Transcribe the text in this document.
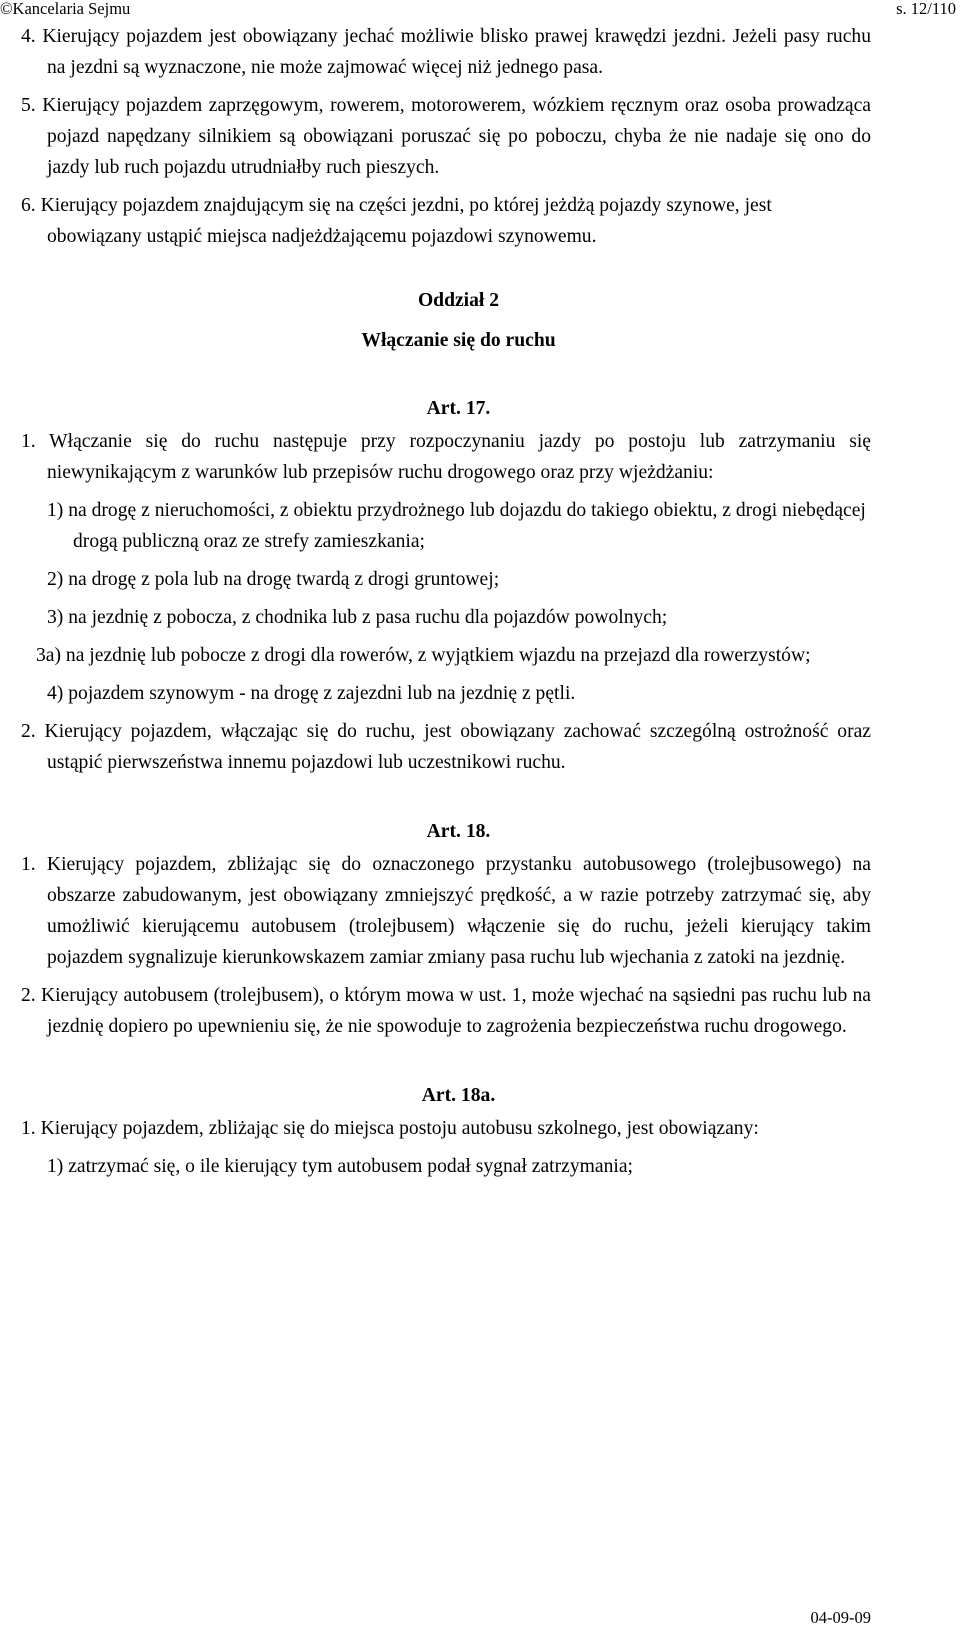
©Kancelaria Sejmu	s. 12/110

4. Kierujący pojazdem jest obowiązany jechać możliwie blisko prawej krawędzi jezdni. Jeżeli pasy ruchu na jezdni są wyznaczone, nie może zajmować więcej niż jednego pasa.

5. Kierujący pojazdem zaprzęgowym, rowerem, motorowerem, wózkiem ręcznym oraz osoba prowadząca pojazd napędzany silnikiem są obowiązani poruszać się po poboczu, chyba że nie nadaje się ono do jazdy lub ruch pojazdu utrudniałby ruch pieszych.

6. Kierujący pojazdem znajdującym się na części jezdni, po której jeżdżą pojazdy szynowe, jest obowiązany ustąpić miejsca nadjeżdżającemu pojazdowi szynowemu.

Oddział 2
Włączanie się do ruchu
Art. 17.

1. Włączanie się do ruchu następuje przy rozpoczynaniu jazdy po postoju lub zatrzymaniu się niewynikającym z warunków lub przepisów ruchu drogowego oraz przy wjeżdżaniu:

1) na drogę z nieruchomości, z obiektu przydrożnego lub dojazdu do takiego obiektu, z drogi niebędącej drogą publiczną oraz ze strefy zamieszkania;

2) na drogę z pola lub na drogę twardą z drogi gruntowej;

3) na jezdnię z pobocza, z chodnika lub z pasa ruchu dla pojazdów powolnych;

3a) na jezdnię lub pobocze z drogi dla rowerów, z wyjątkiem wjazdu na przejazd dla rowerzystów;

4) pojazdem szynowym - na drogę z zajezdni lub na jezdnię z pętli.

2. Kierujący pojazdem, włączając się do ruchu, jest obowiązany zachować szczególną ostrożność oraz ustąpić pierwszeństwa innemu pojazdowi lub uczestnikowi ruchu.

Art. 18.

1. Kierujący pojazdem, zbliżając się do oznaczonego przystanku autobusowego (trolejbusowego) na obszarze zabudowanym, jest obowiązany zmniejszyć prędkość, a w razie potrzeby zatrzymać się, aby umożliwić kierującemu autobusem (trolejbusem) włączenie się do ruchu, jeżeli kierujący takim pojazdem sygnalizuje kierunkowskazem zamiar zmiany pasa ruchu lub wjechania z zatoki na jezdnię.

2. Kierujący autobusem (trolejbusem), o którym mowa w ust. 1, może wjechać na sąsiedni pas ruchu lub na jezdnię dopiero po upewnieniu się, że nie spowoduje to zagrożenia bezpieczeństwa ruchu drogowego.

Art. 18a.

1. Kierujący pojazdem, zbliżając się do miejsca postoju autobusu szkolnego, jest obowiązany:

1) zatrzymać się, o ile kierujący tym autobusem podał sygnał zatrzymania;

04-09-09
